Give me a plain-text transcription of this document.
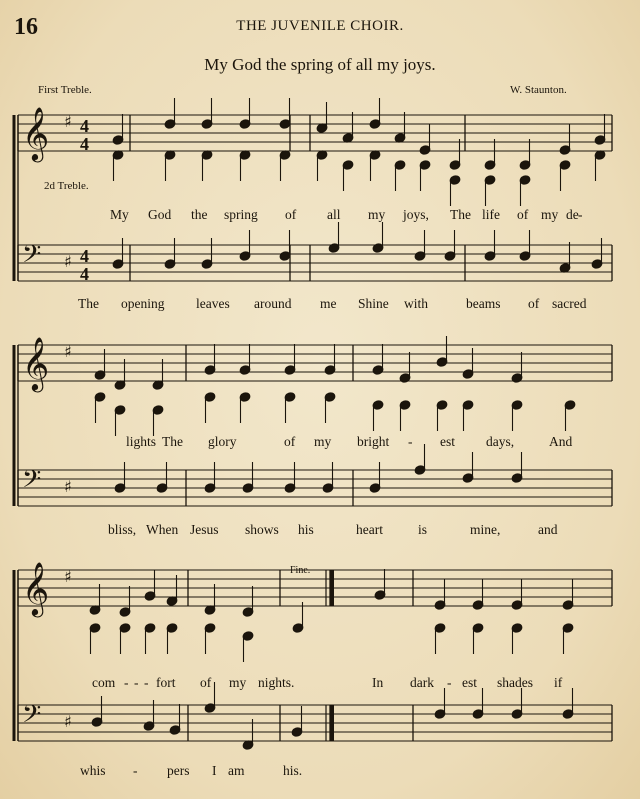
16	THE JUVENILE CHOIR.
My God the spring of all my joys.
First Treble.	W. Staunton.
2d Treble.
Fine.
𝄞 ♯ 4
4
𝄢 ♯ 4
4
𝄞 ♯
𝄢 ♯
𝄞 ♯
𝄢 ♯
My God the spring of all my joys, The life of my de -
The opening leaves around me Shine with	beams of sacred
lights The glory	of my bright - est days,	And
bliss, When Jesus shows his	heart	is	mine,	and
com - - - fort of my nights.	In dark - est shades if
whis - pers I am	his.
